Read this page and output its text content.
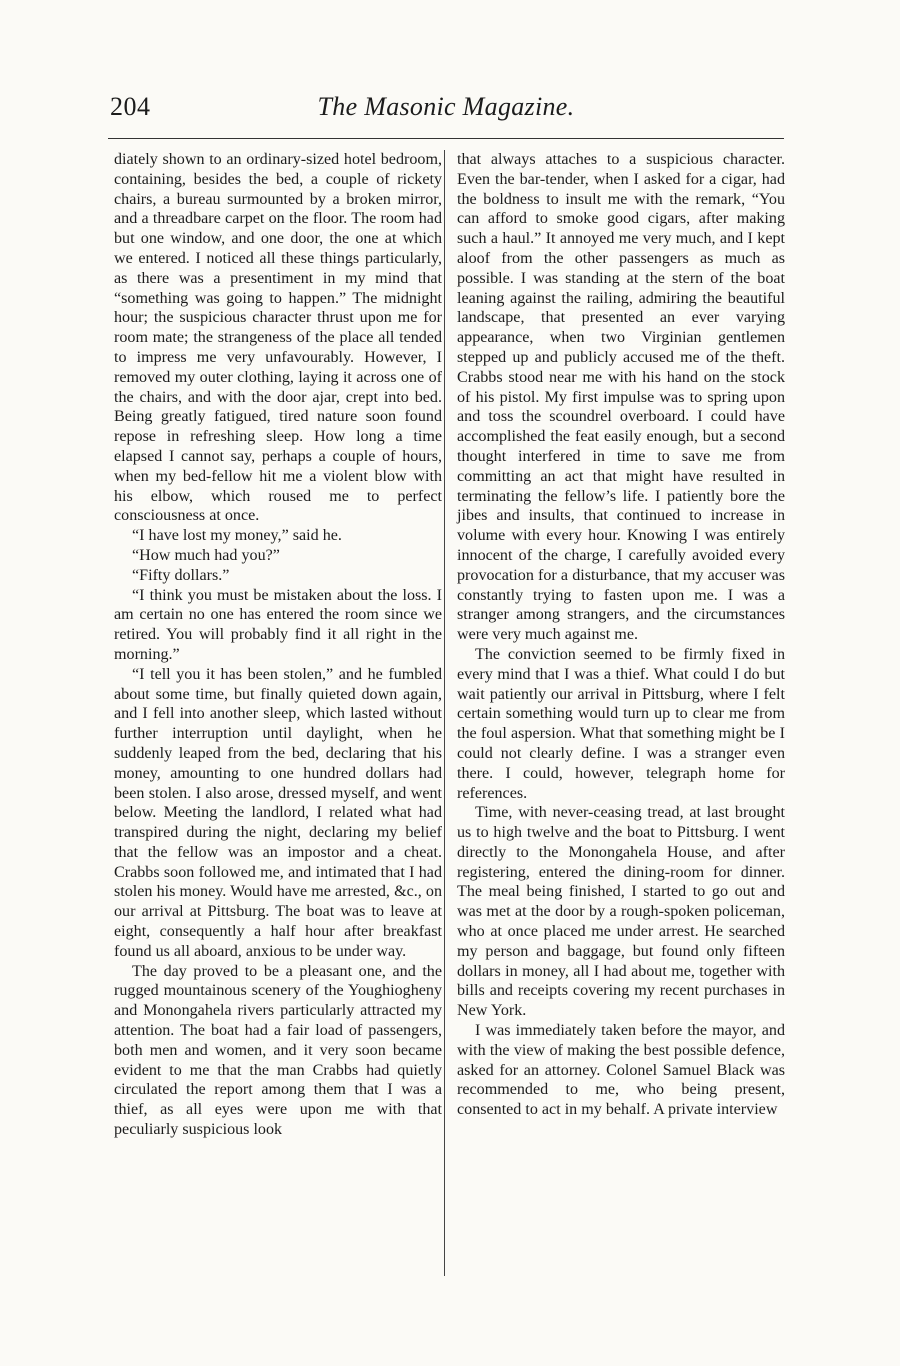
204	The Masonic Magazine.

diately shown to an ordinary-sized hotel bedroom, containing, besides the bed, a couple of rickety chairs, a bureau surmounted by a broken mirror, and a threadbare carpet on the floor. The room had but one window, and one door, the one at which we entered. I noticed all these things particularly, as there was a presentiment in my mind that “something was going to happen.” The midnight hour; the suspicious character thrust upon me for room mate; the strangeness of the place all tended to impress me very unfavourably. However, I removed my outer clothing, laying it across one of the chairs, and with the door ajar, crept into bed. Being greatly fatigued, tired nature soon found repose in refreshing sleep. How long a time elapsed I cannot say, perhaps a couple of hours, when my bed-fellow hit me a violent blow with his elbow, which roused me to perfect consciousness at once.

“I have lost my money,” said he.

“How much had you?”

“Fifty dollars.”

“I think you must be mistaken about the loss. I am certain no one has entered the room since we retired. You will probably find it all right in the morning.”

“I tell you it has been stolen,” and he fumbled about some time, but finally quieted down again, and I fell into another sleep, which lasted without further interruption until daylight, when he suddenly leaped from the bed, declaring that his money, amounting to one hundred dollars had been stolen. I also arose, dressed myself, and went below. Meeting the landlord, I related what had transpired during the night, declaring my belief that the fellow was an impostor and a cheat. Crabbs soon followed me, and intimated that I had stolen his money. Would have me arrested, &c., on our arrival at Pittsburg. The boat was to leave at eight, consequently a half hour after breakfast found us all aboard, anxious to be under way.

The day proved to be a pleasant one, and the rugged mountainous scenery of the Youghiogheny and Monongahela rivers particularly attracted my attention. The boat had a fair load of passengers, both men and women, and it very soon became evident to me that the man Crabbs had quietly circulated the report among them that I was a thief, as all eyes were upon me with that peculiarly suspicious look

that always attaches to a suspicious character. Even the bar-tender, when I asked for a cigar, had the boldness to insult me with the remark, “You can afford to smoke good cigars, after making such a haul.” It annoyed me very much, and I kept aloof from the other passengers as much as possible. I was standing at the stern of the boat leaning against the railing, admiring the beautiful landscape, that presented an ever varying appearance, when two Virginian gentlemen stepped up and publicly accused me of the theft. Crabbs stood near me with his hand on the stock of his pistol. My first impulse was to spring upon and toss the scoundrel overboard. I could have accomplished the feat easily enough, but a second thought interfered in time to save me from committing an act that might have resulted in terminating the fellow’s life. I patiently bore the jibes and insults, that continued to increase in volume with every hour. Knowing I was entirely innocent of the charge, I carefully avoided every provocation for a disturbance, that my accuser was constantly trying to fasten upon me. I was a stranger among strangers, and the circumstances were very much against me.

The conviction seemed to be firmly fixed in every mind that I was a thief. What could I do but wait patiently our arrival in Pittsburg, where I felt certain something would turn up to clear me from the foul aspersion. What that something might be I could not clearly define. I was a stranger even there. I could, however, telegraph home for references.

Time, with never-ceasing tread, at last brought us to high twelve and the boat to Pittsburg. I went directly to the Monongahela House, and after registering, entered the dining-room for dinner. The meal being finished, I started to go out and was met at the door by a rough-spoken policeman, who at once placed me under arrest. He searched my person and baggage, but found only fifteen dollars in money, all I had about me, together with bills and receipts covering my recent purchases in New York.

I was immediately taken before the mayor, and with the view of making the best possible defence, asked for an attorney. Colonel Samuel Black was recommended to me, who being present, consented to act in my behalf. A private interview
